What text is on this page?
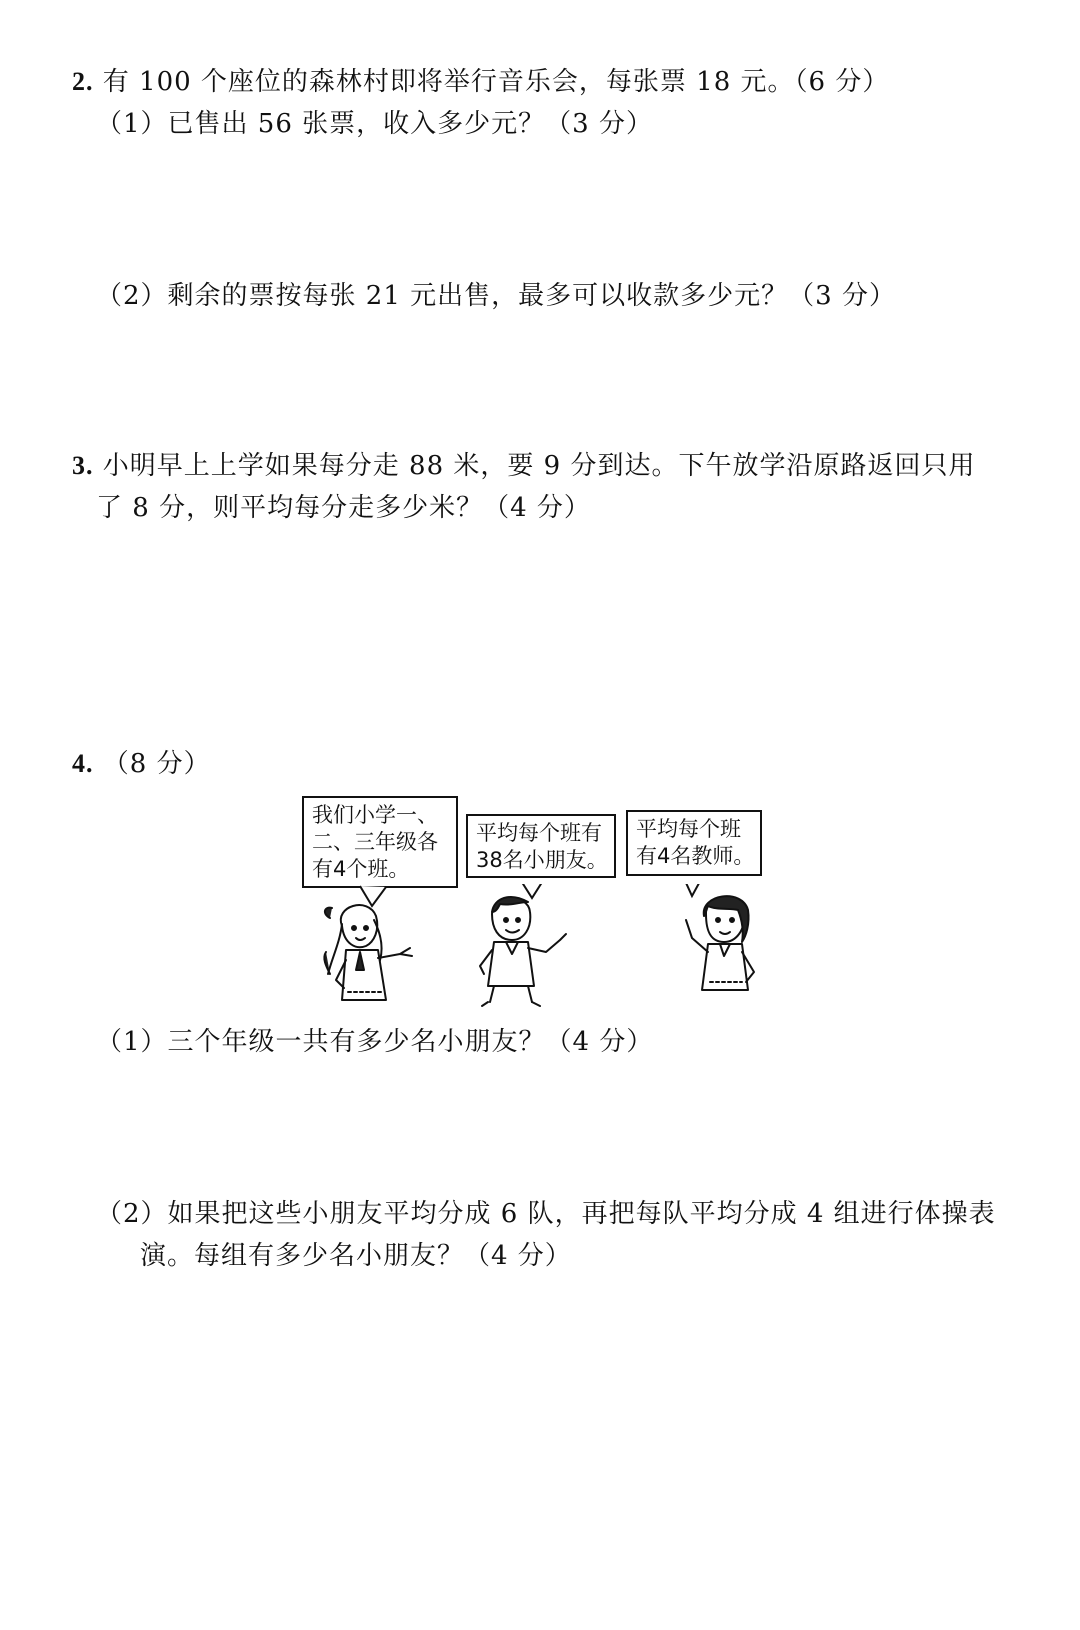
2. 有 100 个座位的森林村即将举行音乐会，每张票 18 元。（6 分）
（1）已售出 56 张票，收入多少元？（3 分）
（2）剩余的票按每张 21 元出售，最多可以收款多少元？（3 分）
3. 小明早上上学如果每分走 88 米，要 9 分到达。下午放学沿原路返回只用
了 8 分，则平均每分走多少米？（4 分）
4. （8 分）
我们小学一、
二、三年级各
有4个班。
平均每个班有
38名小朋友。
平均每个班
有4名教师。
（1）三个年级一共有多少名小朋友？（4 分）
（2）如果把这些小朋友平均分成 6 队，再把每队平均分成 4 组进行体操表
演。每组有多少名小朋友？（4 分）
